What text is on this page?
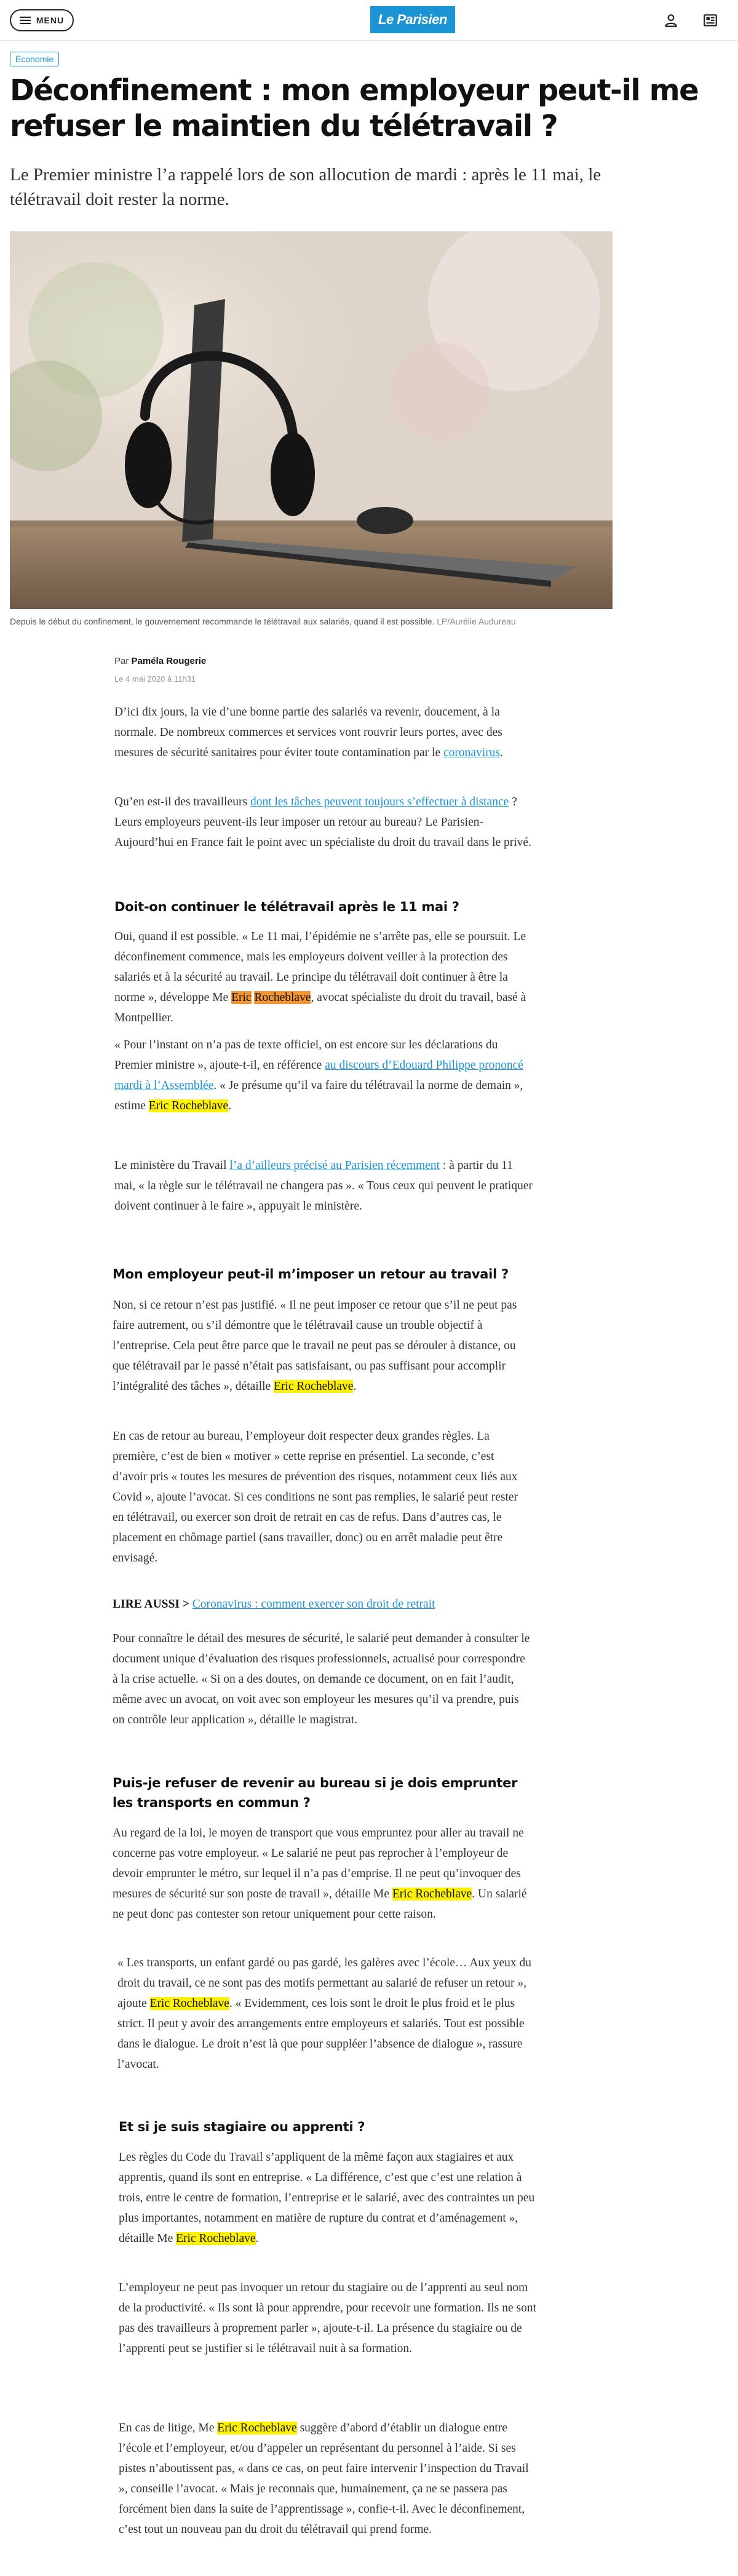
MENU	Le Parisien
Économie
Déconfinement : mon employeur peut-il me refuser le maintien du télétravail ?

Le Premier ministre l’a rappelé lors de son allocution de mardi : après le 11 mai, le télétravail doit rester la norme.

Depuis le début du confinement, le gouvernement recommande le télétravail aux salariés, quand il est possible. LP/Aurélie Audureau
Par Paméla Rougerie
Le 4 mai 2020 à 11h31

D’ici dix jours, la vie d’une bonne partie des salariés va revenir, doucement, à la normale. De nombreux commerces et services vont rouvrir leurs portes, avec des mesures de sécurité sanitaires pour éviter toute contamination par le coronavirus.

Qu’en est-il des travailleurs dont les tâches peuvent toujours s’effectuer à distance ? Leurs employeurs peuvent-ils leur imposer un retour au bureau? Le Parisien-Aujourd’hui en France fait le point avec un spécialiste du droit du travail dans le privé.

Doit-on continuer le télétravail après le 11 mai ?

Oui, quand il est possible. « Le 11 mai, l’épidémie ne s’arrête pas, elle se poursuit. Le déconfinement commence, mais les employeurs doivent veiller à la protection des salariés et à la sécurité au travail. Le principe du télétravail doit continuer à être la norme », développe Me Eric Rocheblave, avocat spécialiste du droit du travail, basé à Montpellier.

« Pour l’instant on n’a pas de texte officiel, on est encore sur les déclarations du Premier ministre », ajoute-t-il, en référence au discours d’Edouard Philippe prononcé mardi à l’Assemblée. « Je présume qu’il va faire du télétravail la norme de demain », estime Eric Rocheblave.

Le ministère du Travail l’a d’ailleurs précisé au Parisien récemment : à partir du 11 mai, « la règle sur le télétravail ne changera pas ». « Tous ceux qui peuvent le pratiquer doivent continuer à le faire », appuyait le ministère.

Mon employeur peut-il m’imposer un retour au travail ?

Non, si ce retour n’est pas justifié. « Il ne peut imposer ce retour que s’il ne peut pas faire autrement, ou s’il démontre que le télétravail cause un trouble objectif à l’entreprise. Cela peut être parce que le travail ne peut pas se dérouler à distance, ou que télétravail par le passé n’était pas satisfaisant, ou pas suffisant pour accomplir l’intégralité des tâches », détaille Eric Rocheblave.

En cas de retour au bureau, l’employeur doit respecter deux grandes règles. La première, c’est de bien « motiver » cette reprise en présentiel. La seconde, c’est d’avoir pris « toutes les mesures de prévention des risques, notamment ceux liés aux Covid », ajoute l’avocat. Si ces conditions ne sont pas remplies, le salarié peut rester en télétravail, ou exercer son droit de retrait en cas de refus. Dans d’autres cas, le placement en chômage partiel (sans travailler, donc) ou en arrêt maladie peut être envisagé.

LIRE AUSSI > Coronavirus : comment exercer son droit de retrait

Pour connaître le détail des mesures de sécurité, le salarié peut demander à consulter le document unique d’évaluation des risques professionnels, actualisé pour correspondre à la crise actuelle. « Si on a des doutes, on demande ce document, on en fait l’audit, même avec un avocat, on voit avec son employeur les mesures qu’il va prendre, puis on contrôle leur application », détaille le magistrat.

Puis-je refuser de revenir au bureau si je dois emprunter les transports en commun ?

Au regard de la loi, le moyen de transport que vous empruntez pour aller au travail ne concerne pas votre employeur. « Le salarié ne peut pas reprocher à l’employeur de devoir emprunter le métro, sur lequel il n’a pas d’emprise. Il ne peut qu’invoquer des mesures de sécurité sur son poste de travail », détaille Me Eric Rocheblave. Un salarié ne peut donc pas contester son retour uniquement pour cette raison.

« Les transports, un enfant gardé ou pas gardé, les galères avec l’école… Aux yeux du droit du travail, ce ne sont pas des motifs permettant au salarié de refuser un retour », ajoute Eric Rocheblave. « Evidemment, ces lois sont le droit le plus froid et le plus strict. Il peut y avoir des arrangements entre employeurs et salariés. Tout est possible dans le dialogue. Le droit n’est là que pour suppléer l’absence de dialogue », rassure l’avocat.

Et si je suis stagiaire ou apprenti ?

Les règles du Code du Travail s’appliquent de la même façon aux stagiaires et aux apprentis, quand ils sont en entreprise. « La différence, c’est que c’est une relation à trois, entre le centre de formation, l’entreprise et le salarié, avec des contraintes un peu plus importantes, notamment en matière de rupture du contrat et d’aménagement », détaille Me Eric Rocheblave.

L’employeur ne peut pas invoquer un retour du stagiaire ou de l’apprenti au seul nom de la productivité. « Ils sont là pour apprendre, pour recevoir une formation. Ils ne sont pas des travailleurs à proprement parler », ajoute-t-il. La présence du stagiaire ou de l’apprenti peut se justifier si le télétravail nuit à sa formation.

En cas de litige, Me Eric Rocheblave suggère d’abord d’établir un dialogue entre l’école et l’employeur, et/ou d’appeler un représentant du personnel à l’aide. Si ses pistes n’aboutissent pas, « dans ce cas, on peut faire intervenir l’inspection du Travail », conseille l’avocat. « Mais je reconnais que, humainement, ça ne se passera pas forcément bien dans la suite de l’apprentissage », confie-t-il. Avec le déconfinement, c’est tout un nouveau pan du droit du télétravail qui prend forme.
